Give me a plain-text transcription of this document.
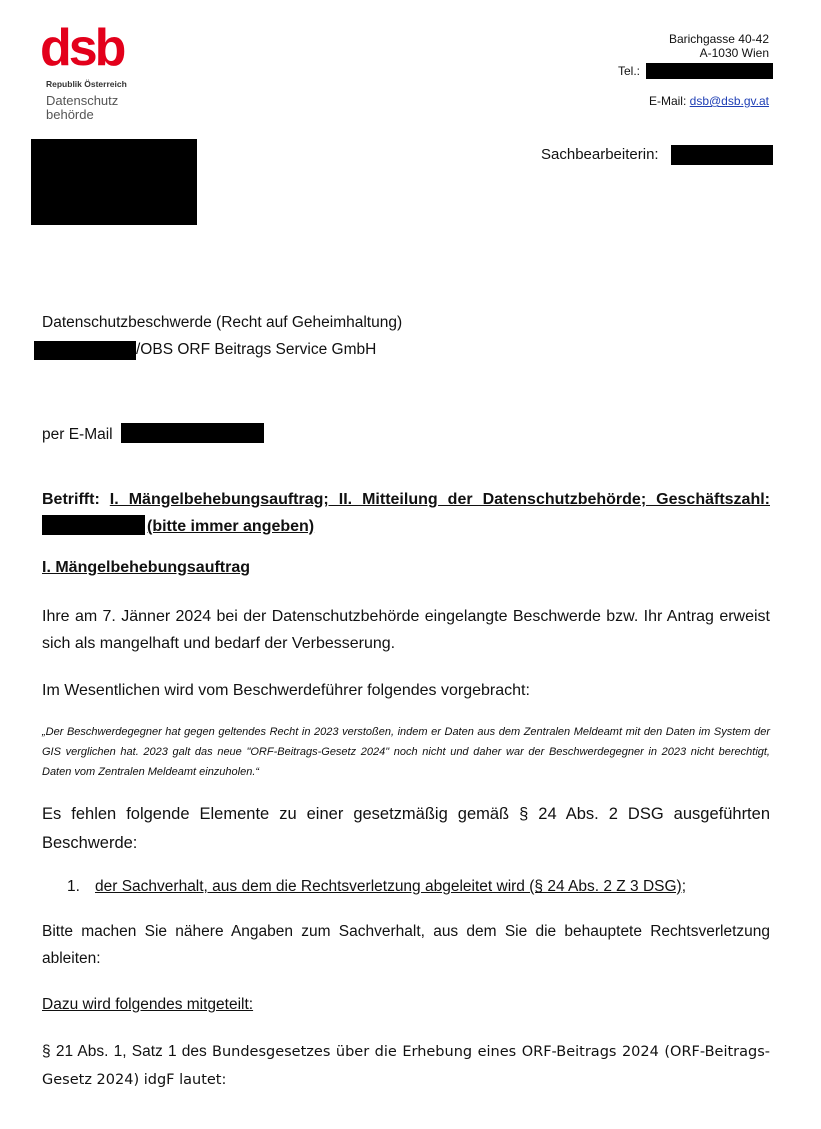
dsb
Republik Österreich
Datenschutz
behörde
Barichgasse 40-42
A-1030 Wien
Tel.:
E-Mail: dsb@dsb.gv.at
Sachbearbeiterin:
Datenschutzbeschwerde (Recht auf Geheimhaltung)
/OBS ORF Beitrags Service GmbH
per E-Mail
Betrifft: I. Mängelbehebungsauftrag; II. Mitteilung der Datenschutzbehörde; Geschäftszahl:
(bitte immer angeben)
I. Mängelbehebungsauftrag
Ihre am 7. Jänner 2024 bei der Datenschutzbehörde eingelangte Beschwerde bzw. Ihr Antrag erweist sich als mangelhaft und bedarf der Verbesserung.
Im Wesentlichen wird vom Beschwerdeführer folgendes vorgebracht:
„Der Beschwerdegegner hat gegen geltendes Recht in 2023 verstoßen, indem er Daten aus dem Zentralen Meldeamt mit den Daten im System der GIS verglichen hat. 2023 galt das neue "ORF-Beitrags-Gesetz 2024" noch nicht und daher war der Beschwerdegegner in 2023 nicht berechtigt, Daten vom Zentralen Meldeamt einzuholen.“
Es fehlen folgende Elemente zu einer gesetzmäßig gemäß § 24 Abs. 2 DSG ausgeführten
Beschwerde:
1. der Sachverhalt, aus dem die Rechtsverletzung abgeleitet wird (§ 24 Abs. 2 Z 3 DSG);
Bitte machen Sie nähere Angaben zum Sachverhalt, aus dem Sie die behauptete Rechtsverletzung ableiten:
Dazu wird folgendes mitgeteilt:
§ 21 Abs. 1, Satz 1 des Bundesgesetzes über die Erhebung eines ORF-Beitrags 2024 (ORF-Beitrags-
Gesetz 2024) idgF lautet:
